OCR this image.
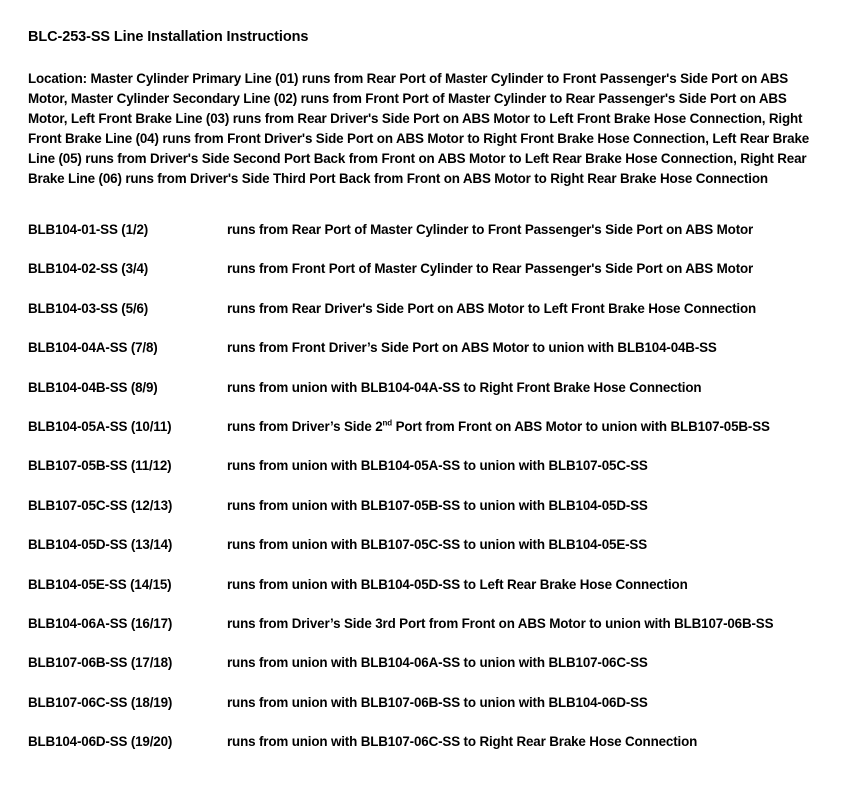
BLC-253-SS Line Installation Instructions

Location: Master Cylinder Primary Line (01) runs from Rear Port of Master Cylinder to Front Passenger's Side Port on ABS Motor, Master Cylinder Secondary Line (02) runs from Front Port of Master Cylinder to Rear Passenger's Side Port on ABS Motor, Left Front Brake Line (03) runs from Rear Driver's Side Port on ABS Motor to Left Front Brake Hose Connection, Right Front Brake Line (04) runs from Front Driver's Side Port on ABS Motor to Right Front Brake Hose Connection, Left Rear Brake Line (05) runs from Driver's Side Second Port Back from Front on ABS Motor to Left Rear Brake Hose Connection, Right Rear Brake Line (06) runs from Driver's Side Third Port Back from Front on ABS Motor to Right Rear Brake Hose Connection

BLB104-01-SS (1/2)	runs from Rear Port of Master Cylinder to Front Passenger's Side Port on ABS Motor
BLB104-02-SS (3/4)	runs from Front Port of Master Cylinder to Rear Passenger's Side Port on ABS Motor
BLB104-03-SS (5/6)	runs from Rear Driver's Side Port on ABS Motor to Left Front Brake Hose Connection
BLB104-04A-SS (7/8)	runs from Front Driver’s Side Port on ABS Motor to union with BLB104-04B-SS
BLB104-04B-SS (8/9)	runs from union with BLB104-04A-SS to Right Front Brake Hose Connection
BLB104-05A-SS (10/11)	runs from Driver’s Side 2nd Port from Front on ABS Motor to union with BLB107-05B-SS
BLB107-05B-SS (11/12)	runs from union with BLB104-05A-SS to union with BLB107-05C-SS
BLB107-05C-SS (12/13)	runs from union with BLB107-05B-SS to union with BLB104-05D-SS
BLB104-05D-SS (13/14)	runs from union with BLB107-05C-SS to union with BLB104-05E-SS
BLB104-05E-SS (14/15)	runs from union with BLB104-05D-SS to Left Rear Brake Hose Connection
BLB104-06A-SS (16/17)	runs from Driver’s Side 3rd Port from Front on ABS Motor to union with BLB107-06B-SS
BLB107-06B-SS (17/18)	runs from union with BLB104-06A-SS to union with BLB107-06C-SS
BLB107-06C-SS (18/19)	runs from union with BLB107-06B-SS to union with BLB104-06D-SS
BLB104-06D-SS (19/20)	runs from union with BLB107-06C-SS to Right Rear Brake Hose Connection
